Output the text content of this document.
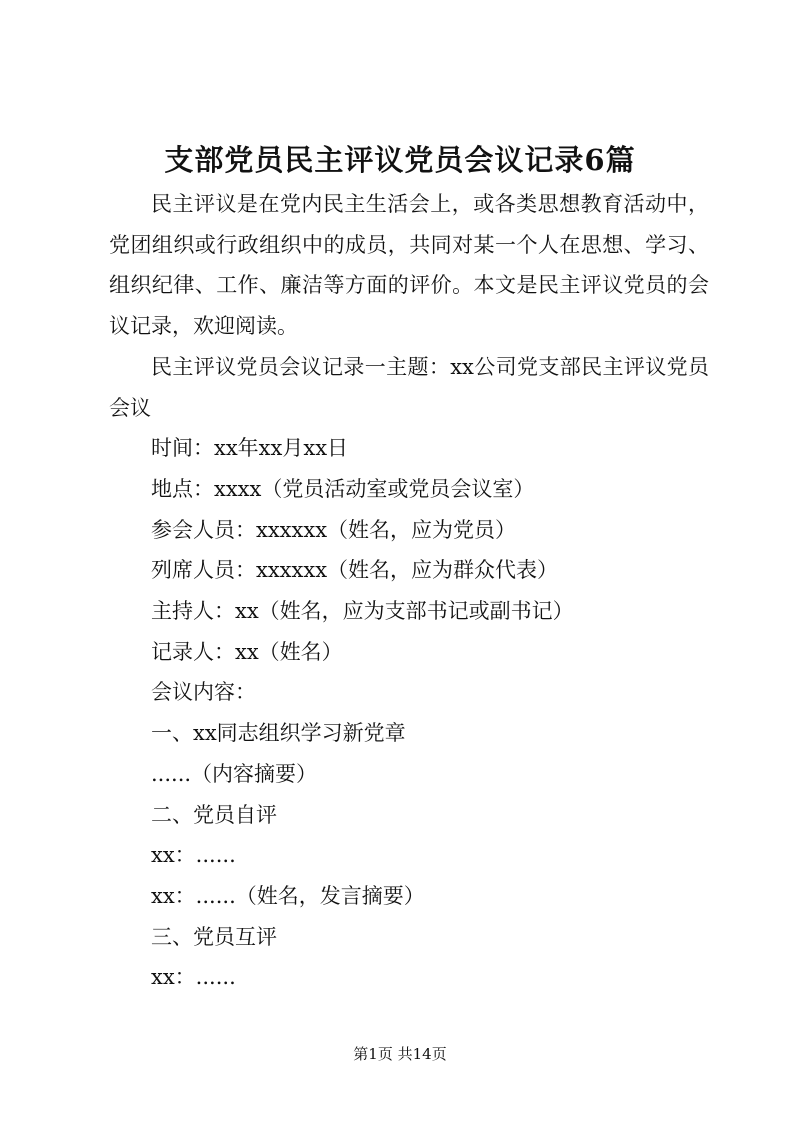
支部党员民主评议党员会议记录6篇

民主评议是在党内民主生活会上，或各类思想教育活动中，党团组织或行政组织中的成员，共同对某一个人在思想、学习、组织纪律、工作、廉洁等方面的评价。本文是民主评议党员的会议记录，欢迎阅读。

民主评议党员会议记录一主题：xx公司党支部民主评议党员会议

时间：xx年xx月xx日

地点：xxxx（党员活动室或党员会议室）

参会人员：xxxxxx（姓名，应为党员）

列席人员：xxxxxx（姓名，应为群众代表）

主持人：xx（姓名，应为支部书记或副书记）

记录人：xx（姓名）

会议内容：

一、xx同志组织学习新党章

......（内容摘要）

二、党员自评

xx：......

xx：......（姓名，发言摘要）

三、党员互评

xx：......

第1页 共14页
